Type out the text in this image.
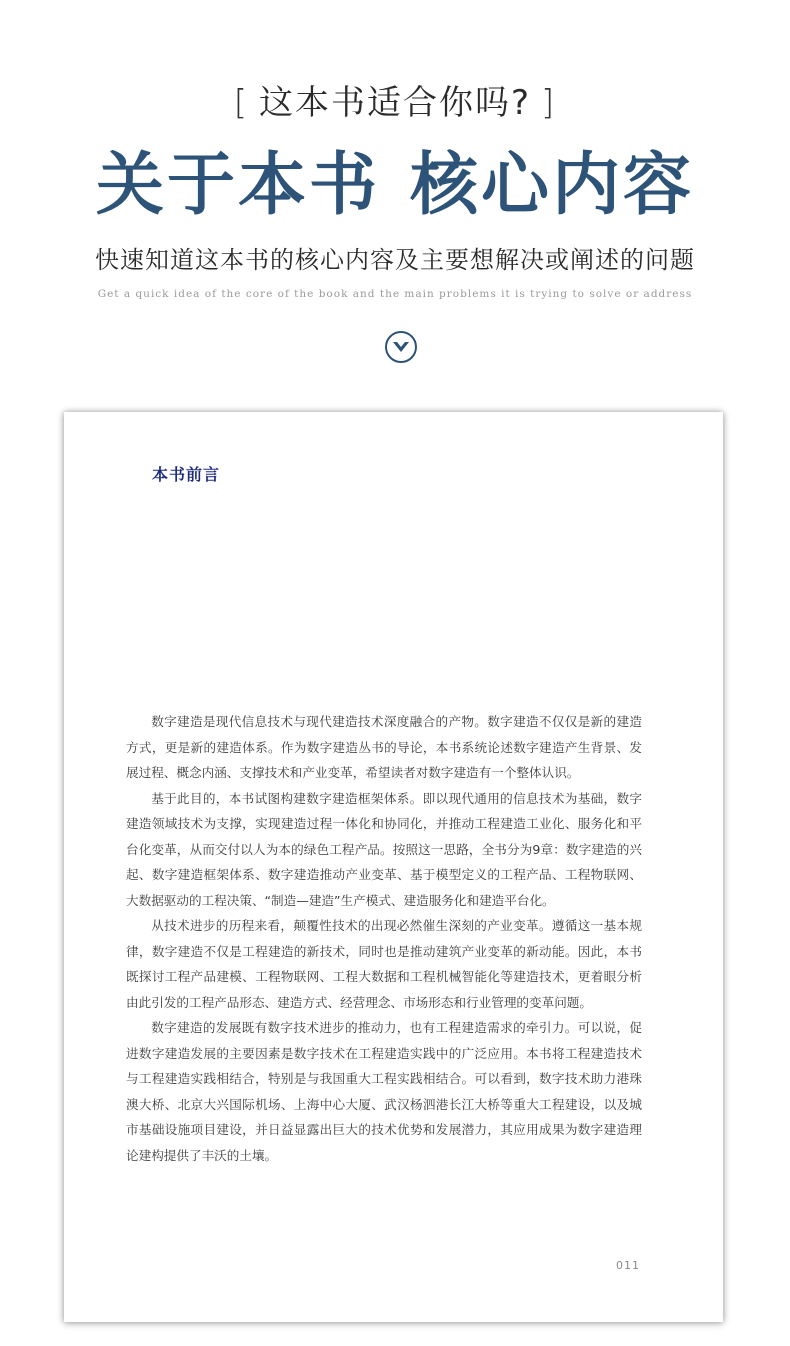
[ 这本书适合你吗? ]
关于本书 核心内容
快速知道这本书的核心内容及主要想解决或阐述的问题
Get a quick idea of the core of the book and the main problems it is trying to solve or address
本书前言

数字建造是现代信息技术与现代建造技术深度融合的产物。数字建造不仅仅是新的建造方式，更是新的建造体系。作为数字建造丛书的导论，本书系统论述数字建造产生背景、发展过程、概念内涵、支撑技术和产业变革，希望读者对数字建造有一个整体认识。

基于此目的，本书试图构建数字建造框架体系。即以现代通用的信息技术为基础，数字建造领域技术为支撑，实现建造过程一体化和协同化，并推动工程建造工业化、服务化和平台化变革，从而交付以人为本的绿色工程产品。按照这一思路，全书分为9章：数字建造的兴起、数字建造框架体系、数字建造推动产业变革、基于模型定义的工程产品、工程物联网、大数据驱动的工程决策、“制造—建造”生产模式、建造服务化和建造平台化。

从技术进步的历程来看，颠覆性技术的出现必然催生深刻的产业变革。遵循这一基本规律，数字建造不仅是工程建造的新技术，同时也是推动建筑产业变革的新动能。因此，本书既探讨工程产品建模、工程物联网、工程大数据和工程机械智能化等建造技术，更着眼分析由此引发的工程产品形态、建造方式、经营理念、市场形态和行业管理的变革问题。

数字建造的发展既有数字技术进步的推动力，也有工程建造需求的牵引力。可以说，促进数字建造发展的主要因素是数字技术在工程建造实践中的广泛应用。本书将工程建造技术与工程建造实践相结合，特别是与我国重大工程实践相结合。可以看到，数字技术助力港珠澳大桥、北京大兴国际机场、上海中心大厦、武汉杨泗港长江大桥等重大工程建设，以及城市基础设施项目建设，并日益显露出巨大的技术优势和发展潜力，其应用成果为数字建造理论建构提供了丰沃的土壤。

011
